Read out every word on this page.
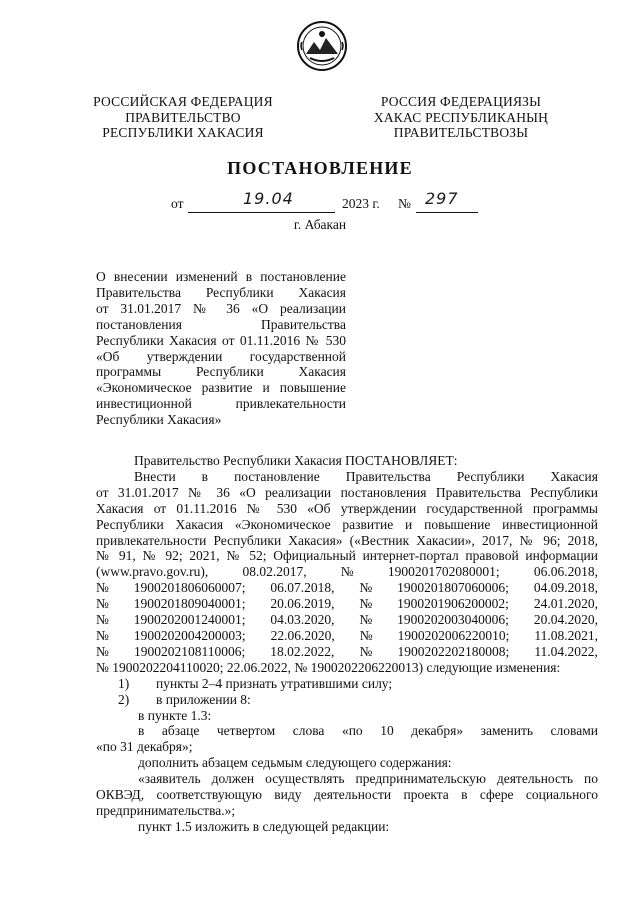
РОССИЙСКАЯ ФЕДЕРАЦИЯ
ПРАВИТЕЛЬСТВО
РЕСПУБЛИКИ ХАКАСИЯ
РОССИЯ ФЕДЕРАЦИЯЗЫ
ХАКАС РЕСПУБЛИКАНЫҢ
ПРАВИТЕЛЬСТВОЗЫ
ПОСТАНОВЛЕНИЕ
от	19.04	2023 г. № 297
г. Абакан
О внесении изменений в постановление
Правительства Республики Хакасия
от 31.01.2017 № 36 «О реализации
постановления Правительства
Республики Хакасия от 01.11.2016 № 530
«Об утверждении государственной
программы Республики Хакасия
«Экономическое развитие и повышение
инвестиционной привлекательности
Республики Хакасия»
Правительство Республики Хакасия ПОСТАНОВЛЯЕТ:
Внести в постановление Правительства Республики Хакасия
от 31.01.2017 № 36 «О реализации постановления Правительства Республики
Хакасия от 01.11.2016 № 530 «Об утверждении государственной программы
Республики Хакасия «Экономическое развитие и повышение инвестиционной
привлекательности Республики Хакасия» («Вестник Хакасии», 2017, № 96; 2018,
№ 91, № 92; 2021, № 52; Официальный интернет-портал правовой информации
(www.pravo.gov.ru),	08.02.2017,	№	1900201702080001;	06.06.2018,
№ 1900201806060007; 06.07.2018, № 1900201807060006; 04.09.2018,
№ 1900201809040001; 20.06.2019, № 1900201906200002; 24.01.2020,
№ 1900202001240001; 04.03.2020, № 1900202003040006; 20.04.2020,
№ 1900202004200003; 22.06.2020, № 1900202006220010; 11.08.2021,
№ 1900202108110006; 18.02.2022, № 1900202202180008; 11.04.2022,
№ 1900202204110020; 22.06.2022, № 1900202206220013) следующие изменения:
1) пункты 2–4 признать утратившими силу;
2) в приложении 8:
в пункте 1.3:
в абзаце четвертом слова «по 10 декабря» заменить словами
«по 31 декабря»;
дополнить абзацем седьмым следующего содержания:
«заявитель должен осуществлять предпринимательскую деятельность по
ОКВЭД, соответствующую виду деятельности проекта в сфере социального
предпринимательства.»;
пункт 1.5 изложить в следующей редакции:
